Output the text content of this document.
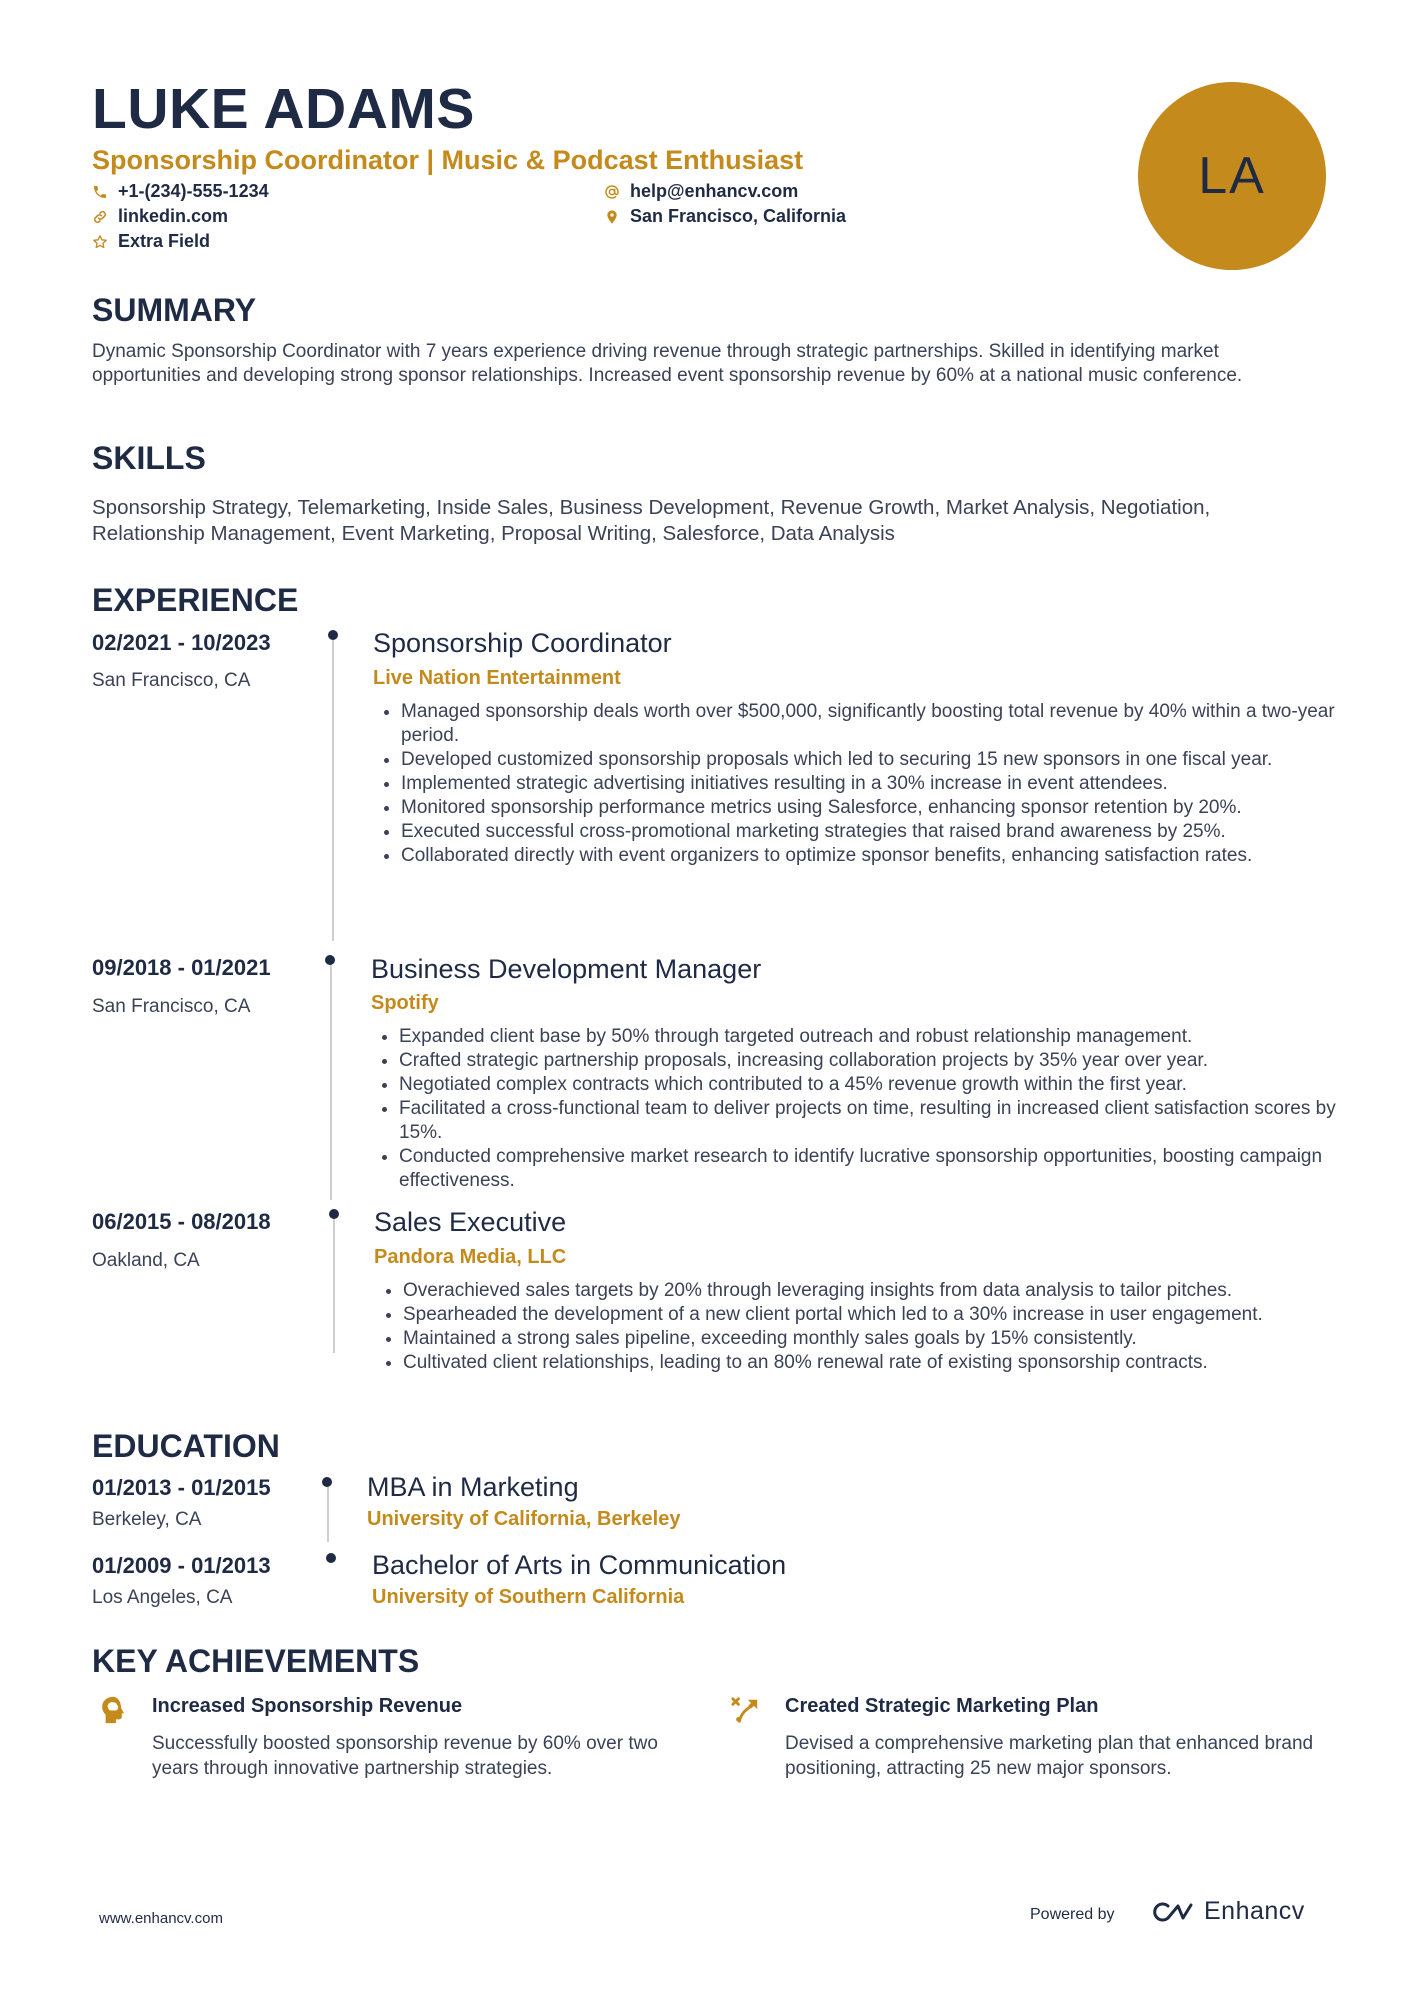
LUKE ADAMS
Sponsorship Coordinator | Music & Podcast Enthusiast
+1-(234)-555-1234
linkedin.com
Extra Field
help@enhancv.com
San Francisco, California
LA
SUMMARY

Dynamic Sponsorship Coordinator with 7 years experience driving revenue through strategic partnerships. Skilled in identifying market opportunities and developing strong sponsor relationships. Increased event sponsorship revenue by 60% at a national music conference.

SKILLS

Sponsorship Strategy, Telemarketing, Inside Sales, Business Development, Revenue Growth, Market Analysis, Negotiation, Relationship Management, Event Marketing, Proposal Writing, Salesforce, Data Analysis

EXPERIENCE
02/2021 - 10/2023
San Francisco, CA
Sponsorship Coordinator
Live Nation Entertainment
• Managed sponsorship deals worth over $500,000, significantly boosting total revenue by 40% within a two-year period.
• Developed customized sponsorship proposals which led to securing 15 new sponsors in one fiscal year.
• Implemented strategic advertising initiatives resulting in a 30% increase in event attendees.
• Monitored sponsorship performance metrics using Salesforce, enhancing sponsor retention by 20%.
• Executed successful cross-promotional marketing strategies that raised brand awareness by 25%.
• Collaborated directly with event organizers to optimize sponsor benefits, enhancing satisfaction rates.
09/2018 - 01/2021
San Francisco, CA
Business Development Manager
Spotify
• Expanded client base by 50% through targeted outreach and robust relationship management.
• Crafted strategic partnership proposals, increasing collaboration projects by 35% year over year.
• Negotiated complex contracts which contributed to a 45% revenue growth within the first year.
• Facilitated a cross-functional team to deliver projects on time, resulting in increased client satisfaction scores by 15%.
• Conducted comprehensive market research to identify lucrative sponsorship opportunities, boosting campaign effectiveness.
06/2015 - 08/2018
Oakland, CA
Sales Executive
Pandora Media, LLC
• Overachieved sales targets by 20% through leveraging insights from data analysis to tailor pitches.
• Spearheaded the development of a new client portal which led to a 30% increase in user engagement.
• Maintained a strong sales pipeline, exceeding monthly sales goals by 15% consistently.
• Cultivated client relationships, leading to an 80% renewal rate of existing sponsorship contracts.
EDUCATION
01/2013 - 01/2015
Berkeley, CA
MBA in Marketing
University of California, Berkeley
01/2009 - 01/2013
Los Angeles, CA
Bachelor of Arts in Communication
University of Southern California
KEY ACHIEVEMENTS
Increased Sponsorship Revenue
Successfully boosted sponsorship revenue by 60% over two years through innovative partnership strategies.
Created Strategic Marketing Plan
Devised a comprehensive marketing plan that enhanced brand positioning, attracting 25 new major sponsors.
www.enhancv.com	Powered by	Enhancv
